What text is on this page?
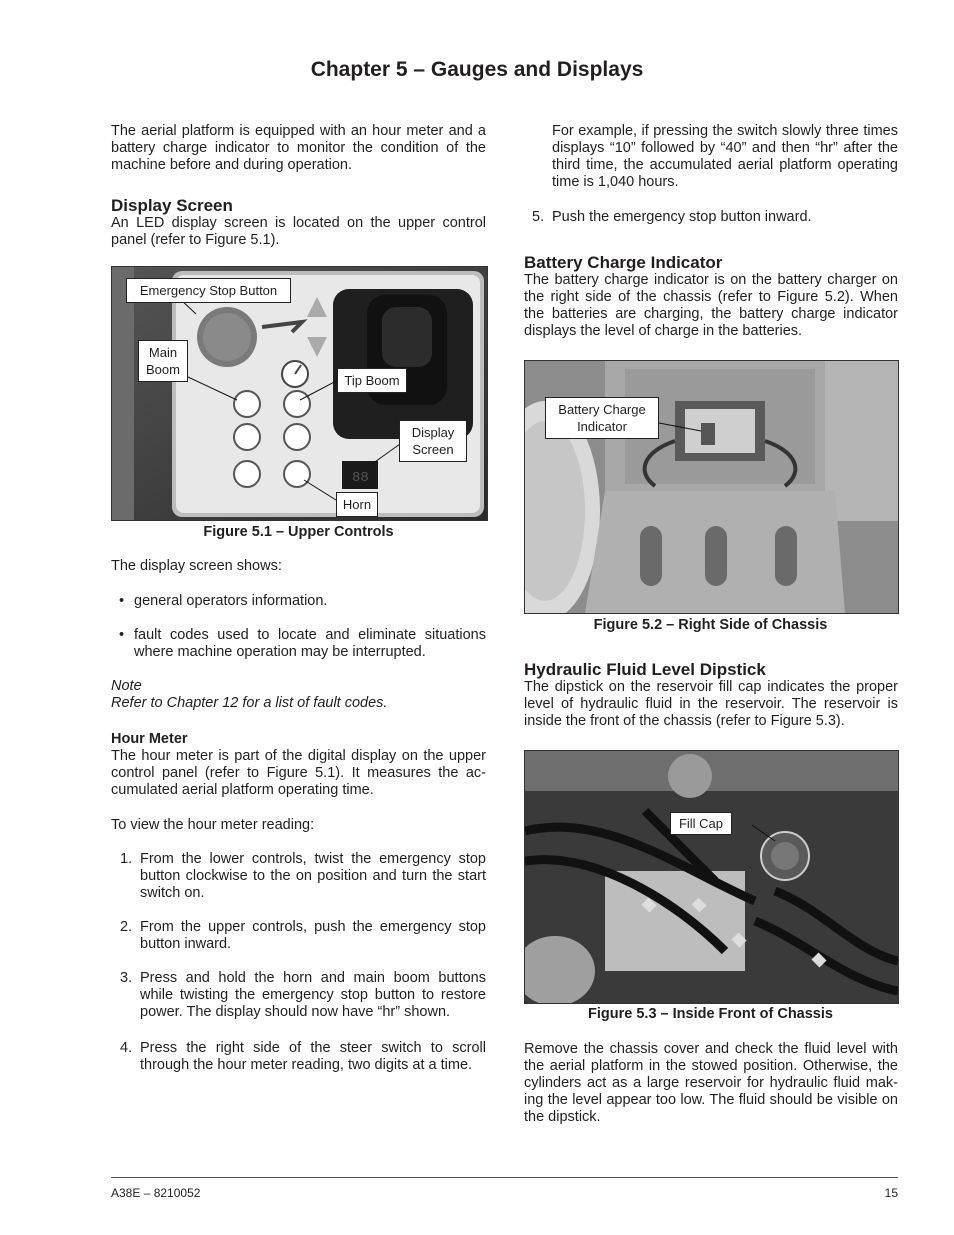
Chapter 5 – Gauges and Displays
The aerial platform is equipped with an hour meter and a battery charge indicator to monitor the condition of the machine before and during operation.
Display Screen
An LED display screen is located on the upper control panel (refer to Figure 5.1).
88
Emergency Stop Button
Main Boom
Tip Boom
Display Screen
Horn
Figure 5.1 – Upper Controls
The display screen shows:
• general operators information.
• fault codes used to locate and eliminate situations where machine operation may be interrupted.
Note
Refer to Chapter 12 for a list of fault codes.
Hour Meter
The hour meter is part of the digital display on the upper control panel (refer to Figure 5.1). It measures the ac-cumulated aerial platform operating time.
To view the hour meter reading:
1. From the lower controls, twist the emergency stop button clockwise to the on position and turn the start switch on.
2. From the upper controls, push the emergency stop button inward.
3. Press and hold the horn and main boom buttons while twisting the emergency stop button to restore power. The display should now have “hr” shown.
4. Press the right side of the steer switch to scroll through the hour meter reading, two digits at a time.
For example, if pressing the switch slowly three times displays “10” followed by “40” and then “hr” after the third time, the accumulated aerial platform operating time is 1,040 hours.
5. Push the emergency stop button inward.
Battery Charge Indicator
The battery charge indicator is on the battery charger on the right side of the chassis (refer to Figure 5.2). When the batteries are charging, the battery charge indicator displays the level of charge in the batteries.
Battery Charge Indicator
Figure 5.2 – Right Side of Chassis
Hydraulic Fluid Level Dipstick
The dipstick on the reservoir fill cap indicates the proper level of hydraulic fluid in the reservoir. The reservoir is inside the front of the chassis (refer to Figure 5.3).
Fill Cap
Figure 5.3 – Inside Front of Chassis
Remove the chassis cover and check the fluid level with the aerial platform in the stowed position. Otherwise, the cylinders act as a large reservoir for hydraulic fluid mak-ing the level appear too low. The fluid should be visible on the dipstick.
A38E – 8210052	15
